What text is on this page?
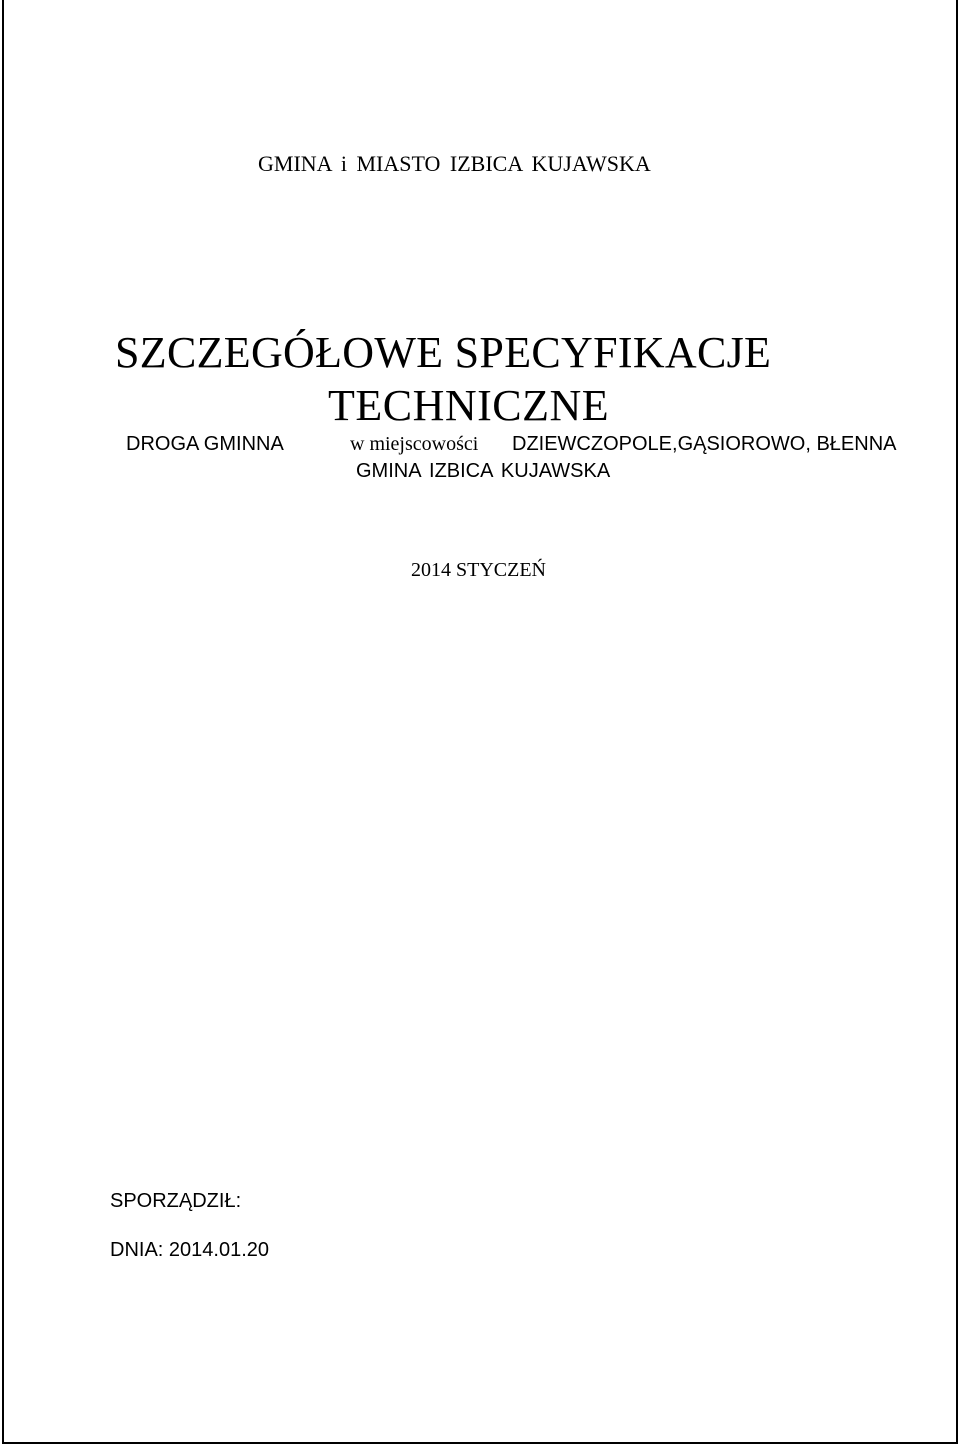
GMINA i MIASTO IZBICA KUJAWSKA
SZCZEGÓŁOWE SPECYFIKACJE
TECHNICZNE
DROGA GMINNA	w miejscowości DZIEWCZOPOLE,GĄSIOROWO, BŁENNA
GMINA IZBICA KUJAWSKA
2014 STYCZEŃ
SPORZĄDZIŁ:
DNIA: 2014.01.20
